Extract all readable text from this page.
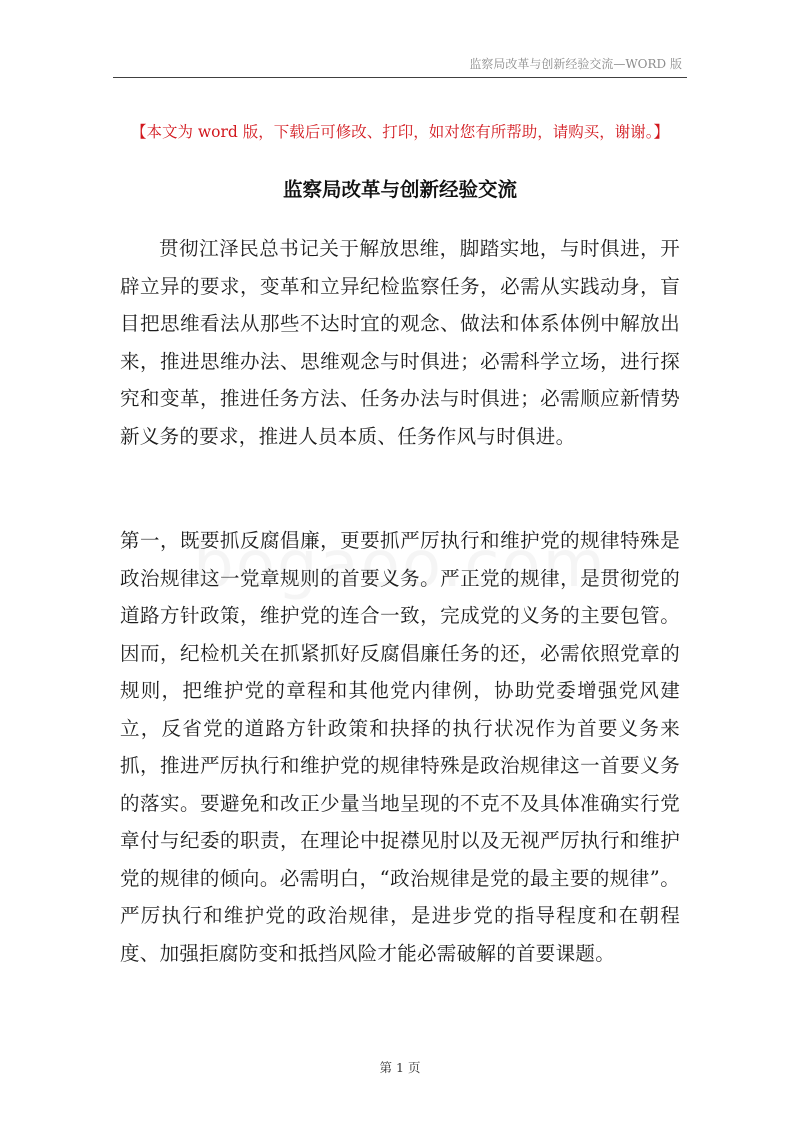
监察局改革与创新经验交流—WORD 版
【本文为 word 版，下载后可修改、打印，如对您有所帮助，请购买，谢谢。】
监察局改革与创新经验交流

贯彻江泽民总书记关于解放思维，脚踏实地，与时俱进，开辟立异的要求，变革和立异纪检监察任务，必需从实践动身，盲目把思维看法从那些不达时宜的观念、做法和体系体例中解放出来，推进思维办法、思维观念与时俱进；必需科学立场，进行探究和变革，推进任务方法、任务办法与时俱进；必需顺应新情势新义务的要求，推进人员本质、任务作风与时俱进。

第一，既要抓反腐倡廉，更要抓严厉执行和维护党的规律特殊是政治规律这一党章规则的首要义务。严正党的规律，是贯彻党的道路方针政策，维护党的连合一致，完成党的义务的主要包管。因而，纪检机关在抓紧抓好反腐倡廉任务的还，必需依照党章的规则，把维护党的章程和其他党内律例，协助党委增强党风建立，反省党的道路方针政策和抉择的执行状况作为首要义务来抓，推进严厉执行和维护党的规律特殊是政治规律这一首要义务的落实。要避免和改正少量当地呈现的不克不及具体准确实行党章付与纪委的职责，在理论中捉襟见肘以及无视严厉执行和维护党的规律的倾向。必需明白，“政治规律是党的最主要的规律”。严厉执行和维护党的政治规律，是进步党的指导程度和在朝程度、加强拒腐防变和抵挡风险才能必需破解的首要课题。

第 1 页
